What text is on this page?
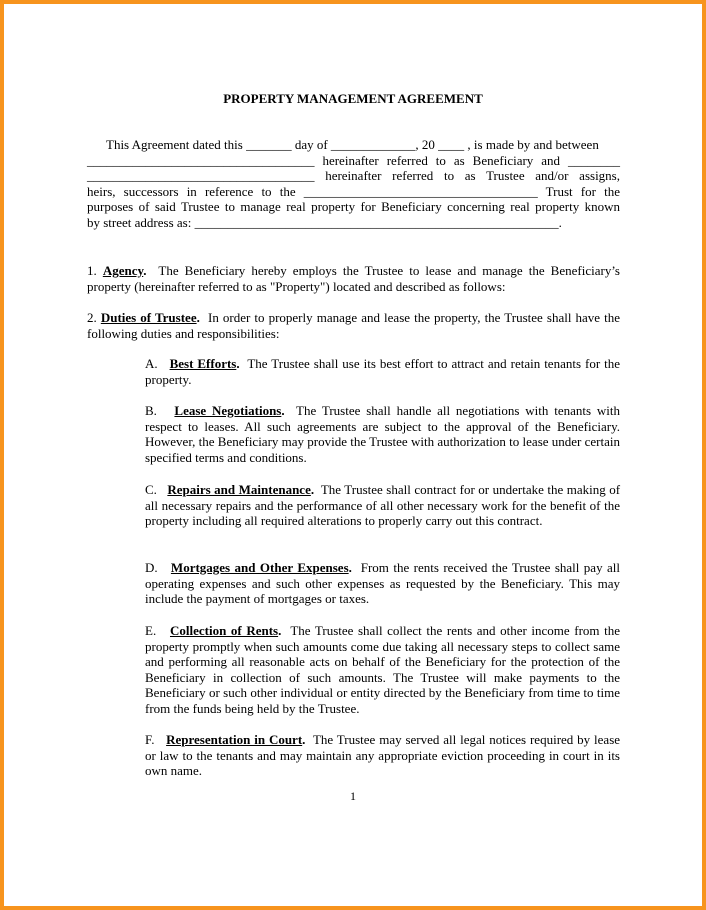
PROPERTY MANAGEMENT AGREEMENT
This Agreement dated this _______ day of _____________, 20 ____ , is made by and between
___________________________________ hereinafter referred to as Beneficiary and ________
___________________________________ hereinafter referred to as Trustee and/or assigns,
heirs, successors in reference to the ____________________________________ Trust for the
purposes of said Trustee to manage real property for Beneficiary concerning real property known
by street address as: ________________________________________________________.
1. Agency. The Beneficiary hereby employs the Trustee to lease and manage the Beneficiary’s property (hereinafter referred to as "Property") located and described as follows:
2. Duties of Trustee. In order to properly manage and lease the property, the Trustee shall have the following duties and responsibilities:
A. Best Efforts. The Trustee shall use its best effort to attract and retain tenants for the property.
B. Lease Negotiations. The Trustee shall handle all negotiations with tenants with respect to leases. All such agreements are subject to the approval of the Beneficiary. However, the Beneficiary may provide the Trustee with authorization to lease under certain specified terms and conditions.
C. Repairs and Maintenance. The Trustee shall contract for or undertake the making of all necessary repairs and the performance of all other necessary work for the benefit of the property including all required alterations to properly carry out this contract.
D. Mortgages and Other Expenses. From the rents received the Trustee shall pay all operating expenses and such other expenses as requested by the Beneficiary. This may include the payment of mortgages or taxes.
E. Collection of Rents. The Trustee shall collect the rents and other income from the property promptly when such amounts come due taking all necessary steps to collect same and performing all reasonable acts on behalf of the Beneficiary for the protection of the Beneficiary in collection of such amounts. The Trustee will make payments to the Beneficiary or such other individual or entity directed by the Beneficiary from time to time from the funds being held by the Trustee.
F. Representation in Court. The Trustee may served all legal notices required by lease or law to the tenants and may maintain any appropriate eviction proceeding in court in its own name.
1
